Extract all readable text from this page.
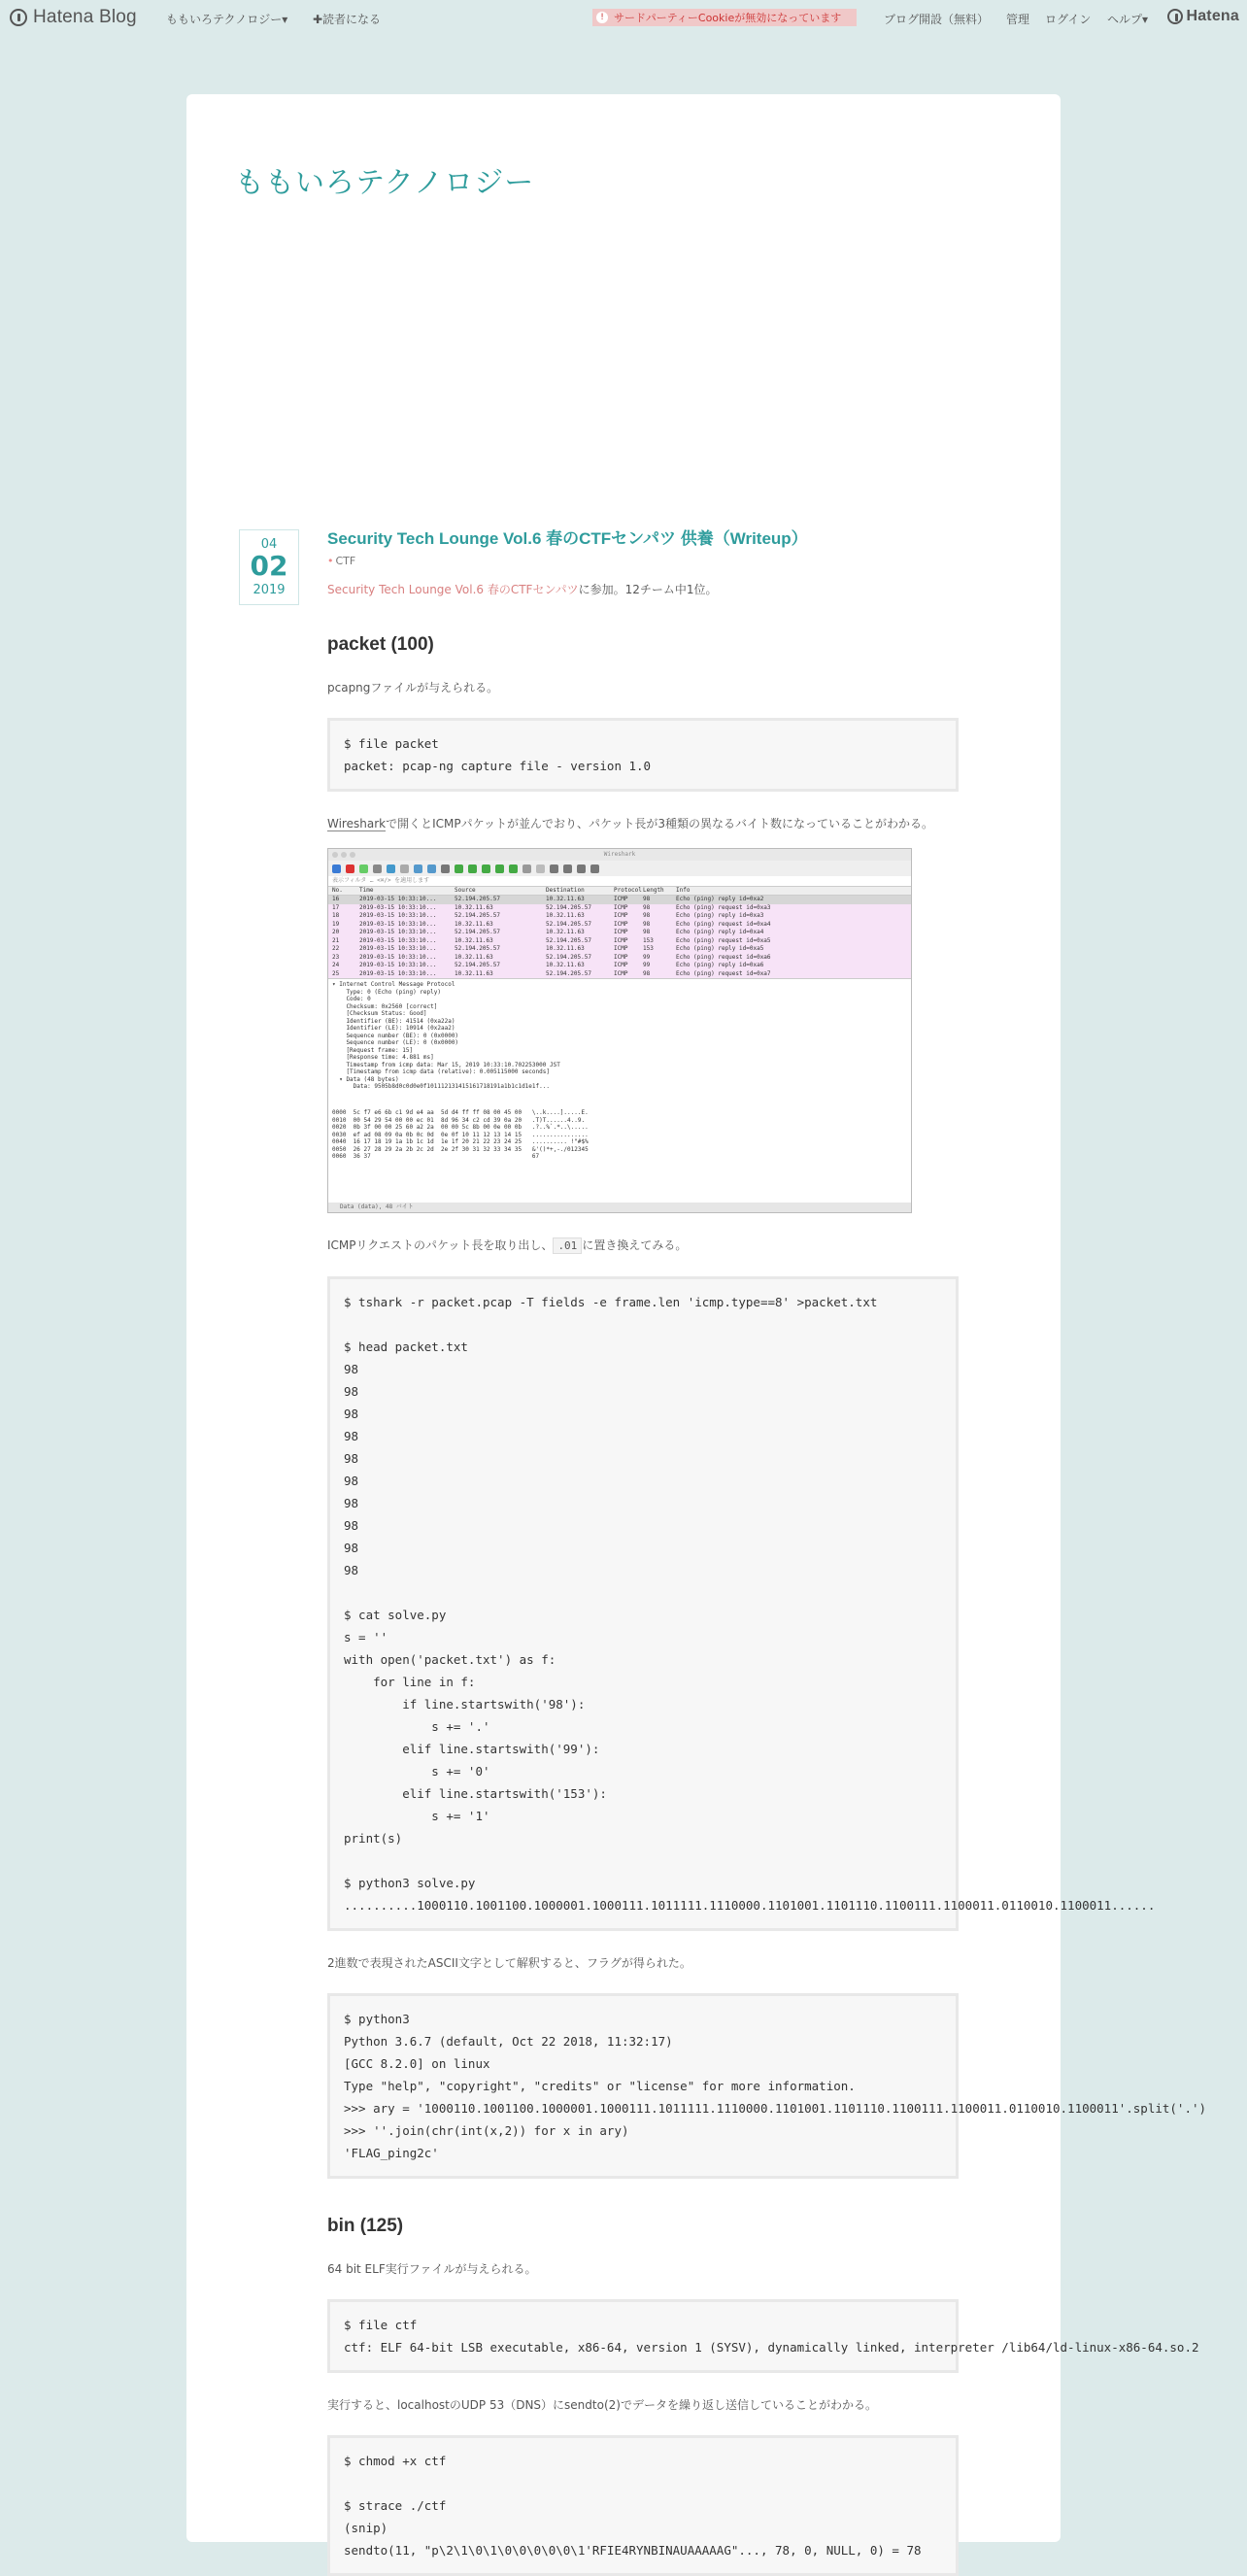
Hatena Blog	ももいろテクノロジー▾ ✚読者になる	! サードパーティーCookieが無効になっています	ブログ開設（無料） 管理 ログイン ヘルプ▾ Hatena
ももいろテクノロジー
04
02
2019
Security Tech Lounge Vol.6 春のCTFセンパツ 供養（Writeup）
• CTF
Security Tech Lounge Vol.6 春のCTFセンパツに参加。12チーム中1位。
packet (100)

pcapngファイルが与えられる。

$ file packet
packet: pcap-ng capture file - version 1.0

Wiresharkで開くとICMPパケットが並んでおり、パケット長が3種類の異なるバイト数になっていることがわかる。

Wireshark
表示フィルタ … <⌘/> を適用します
No.	Time	Source	Destination	Protocol Length	Info
16	2019-03-15 10:33:10...	52.194.205.57	10.32.11.63	ICMP	98	Echo (ping) reply id=0xa2
17	2019-03-15 10:33:10...	10.32.11.63	52.194.205.57	ICMP	98	Echo (ping) request id=0xa3
18	2019-03-15 10:33:10...	52.194.205.57	10.32.11.63	ICMP	98	Echo (ping) reply id=0xa3
19	2019-03-15 10:33:10...	10.32.11.63	52.194.205.57	ICMP	98	Echo (ping) request id=0xa4
20	2019-03-15 10:33:10...	52.194.205.57	10.32.11.63	ICMP	98	Echo (ping) reply id=0xa4
21	2019-03-15 10:33:10...	10.32.11.63	52.194.205.57	ICMP	153	Echo (ping) request id=0xa5
22	2019-03-15 10:33:10...	52.194.205.57	10.32.11.63	ICMP	153	Echo (ping) reply id=0xa5
23	2019-03-15 10:33:10...	10.32.11.63	52.194.205.57	ICMP	99	Echo (ping) request id=0xa6
24	2019-03-15 10:33:10...	52.194.205.57	10.32.11.63	ICMP	99	Echo (ping) reply id=0xa6
25	2019-03-15 10:33:10...	10.32.11.63	52.194.205.57	ICMP	98	Echo (ping) request id=0xa7
▾ Internet Control Message Protocol
Type: 0 (Echo (ping) reply)
Code: 0
Checksum: 0x2560 [correct]
[Checksum Status: Good]
Identifier (BE): 41514 (0xa22a)
Identifier (LE): 10914 (0x2aa2)
Sequence number (BE): 0 (0x0000)
Sequence number (LE): 0 (0x0000)
[Request frame: 15]
[Response time: 4.881 ms]
Timestamp from icmp data: Mar 15, 2019 10:33:10.702253000 JST
[Timestamp from icmp data (relative): 0.005115000 seconds]
▾ Data (48 bytes)
Data: 9505b8d0c0d0e0f101112131415161718191a1b1c1d1e1f...
0000  5c f7 e6 6b c1 9d e4 aa  5d d4 ff ff 08 00 45 00   \..k....].....E.
0010  00 54 29 54 00 00 ec 01  8d 96 34 c2 cd 39 0a 20   .T)T......4..9.
0020  0b 3f 00 00 25 60 a2 2a  00 00 5c 8b 00 0e 00 0b   .?..%`.*..\.....
0030  ef ad 08 09 0a 0b 0c 0d  0e 0f 10 11 12 13 14 15   ................
0040  16 17 18 19 1a 1b 1c 1d  1e 1f 20 21 22 23 24 25   .......... !"#$%
0050  26 27 28 29 2a 2b 2c 2d  2e 2f 30 31 32 33 34 35   &'()*+,-./012345
0060  36 37                                              67
Data (data), 48 バイト

ICMPリクエストのパケット長を取り出し、 .01 に置き換えてみる。

$ tshark -r packet.pcap -T fields -e frame.len 'icmp.type==8' >packet.txt

$ head packet.txt
98
98
98
98
98
98
98
98
98
98

$ cat solve.py
s = ''
with open('packet.txt') as f:
for line in f:
if line.startswith('98'):
s += '.'
elif line.startswith('99'):
s += '0'
elif line.startswith('153'):
s += '1'
print(s)

$ python3 solve.py
..........1000110.1001100.1000001.1000111.1011111.1110000.1101001.1101110.1100111.1100011.0110010.1100011......

2進数で表現されたASCII文字として解釈すると、フラグが得られた。

$ python3
Python 3.6.7 (default, Oct 22 2018, 11:32:17)
[GCC 8.2.0] on linux
Type "help", "copyright", "credits" or "license" for more information.
>>> ary = '1000110.1001100.1000001.1000111.1011111.1110000.1101001.1101110.1100111.1100011.0110010.1100011'.split('.')
>>> ''.join(chr(int(x,2)) for x in ary)
'FLAG_ping2c'
bin (125)

64 bit ELF実行ファイルが与えられる。

$ file ctf
ctf: ELF 64-bit LSB executable, x86-64, version 1 (SYSV), dynamically linked, interpreter /lib64/ld-linux-x86-64.so.2

実行すると、localhostのUDP 53（DNS）にsendto(2)でデータを繰り返し送信していることがわかる。

$ chmod +x ctf

$ strace ./ctf
(snip)
sendto(11, "p\2\1\0\1\0\0\0\0\0\1'RFIE4RYNBINAUAAAAAG"..., 78, 0, NULL, 0) = 78
